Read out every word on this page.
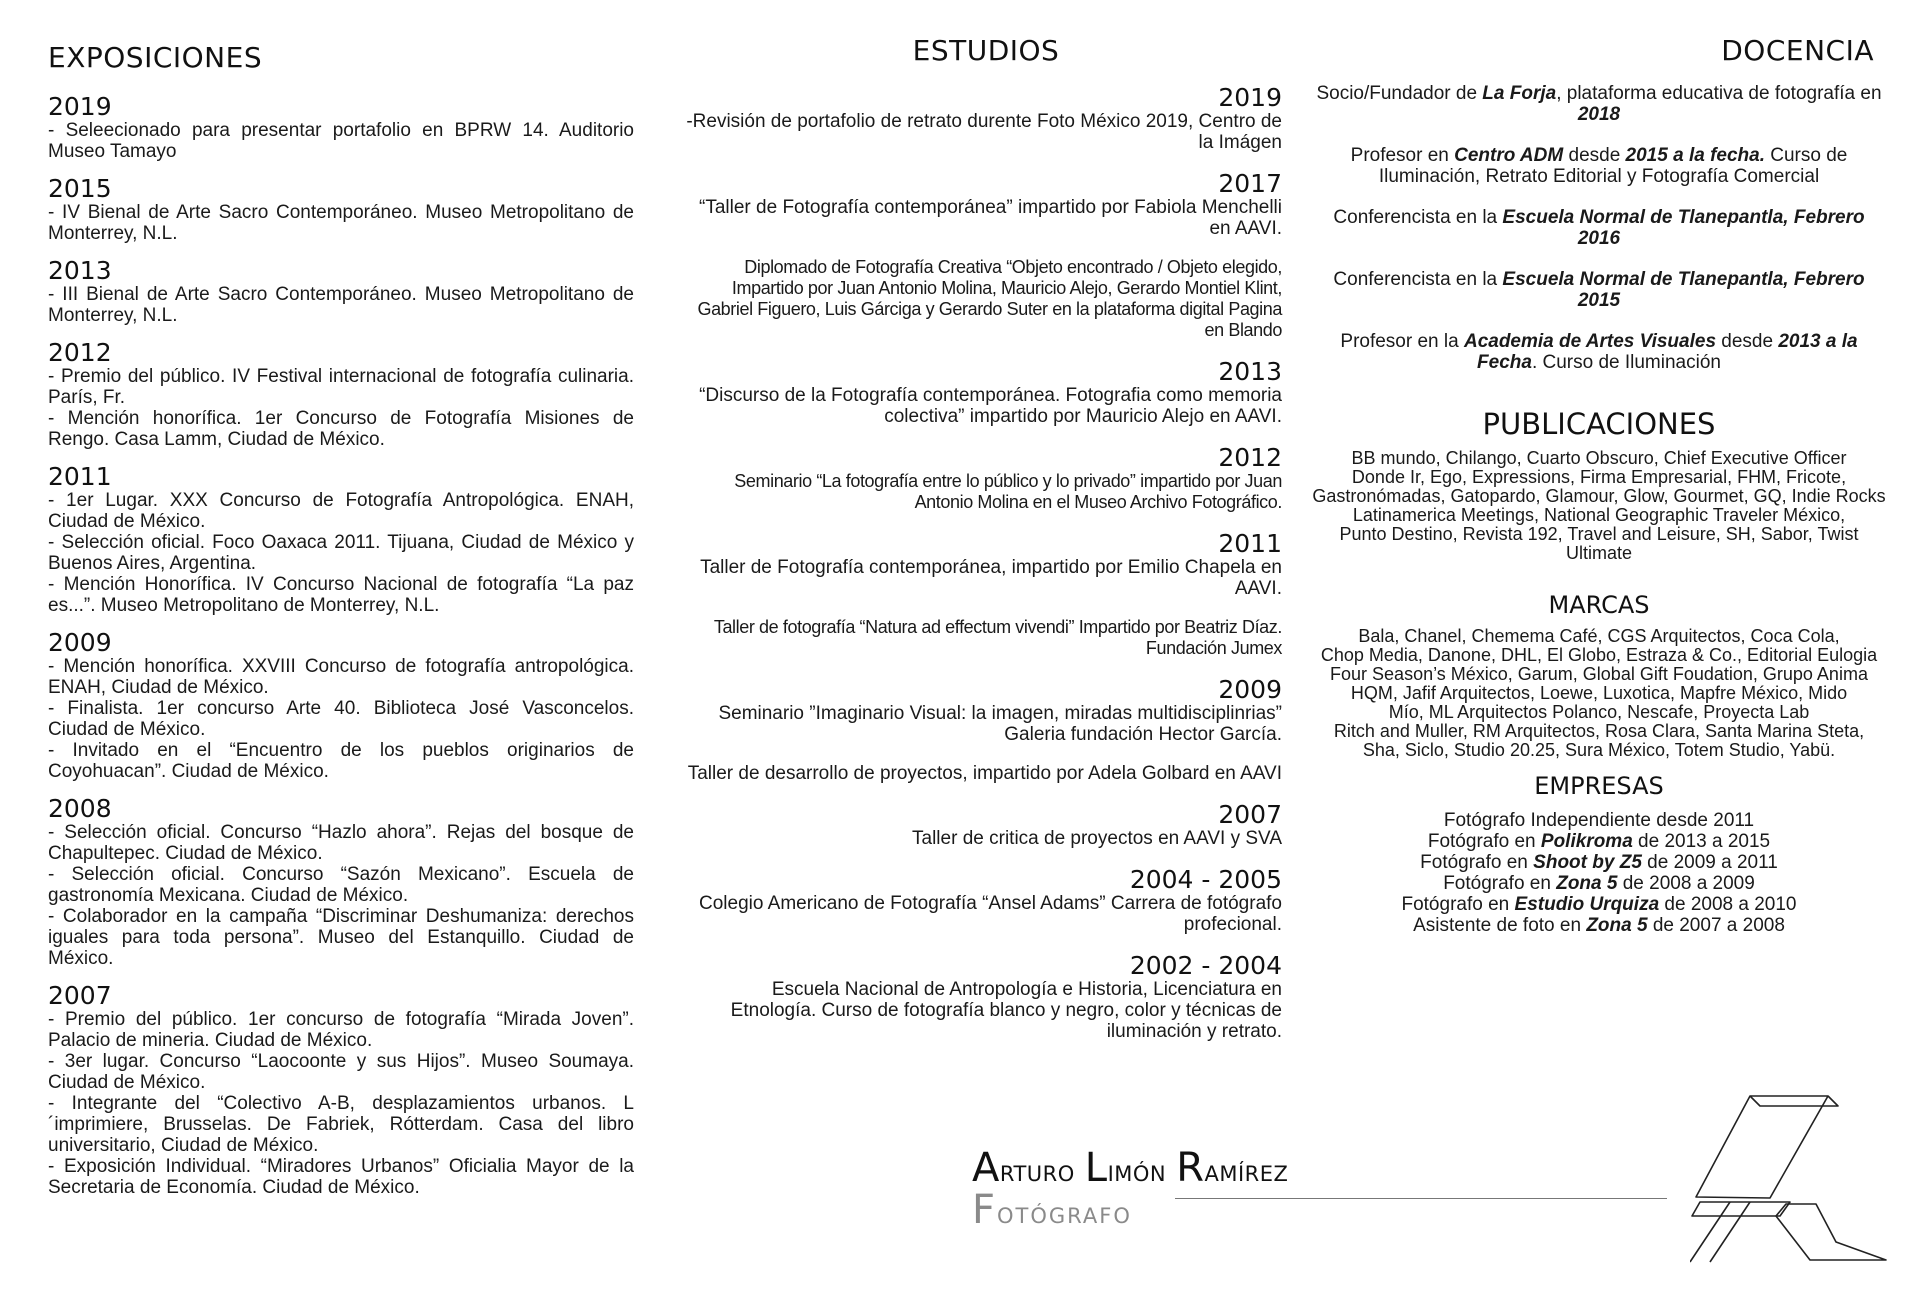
EXPOSICIONES
2019
- Seleecionado para presentar portafolio en BPRW 14. Auditorio Museo Tamayo
2015
- IV Bienal de Arte Sacro Contemporáneo. Museo Metropolitano de Monterrey, N.L.
2013
- III Bienal de Arte Sacro Contemporáneo. Museo Metropolitano de Monterrey, N.L.
2012
- Premio del público. IV Festival internacional de fotografía culinaria. París, Fr.
- Mención honorífica. 1er Concurso de Fotografía Misiones de Rengo. Casa Lamm, Ciudad de México.
2011
- 1er Lugar. XXX Concurso de Fotografía Antropológica. ENAH, Ciudad de México.
- Selección oficial. Foco Oaxaca 2011. Tijuana, Ciudad de México y Buenos Aires, Argentina.
- Mención Honorífica. IV Concurso Nacional de fotografía “La paz es...”. Museo Metropolitano de Monterrey, N.L.
2009
- Mención honorífica. XXVIII Concurso de fotografía antropológica. ENAH, Ciudad de México.
- Finalista. 1er concurso Arte 40. Biblioteca José Vasconcelos. Ciudad de México.
- Invitado en el “Encuentro de los pueblos originarios de Coyohuacan”. Ciudad de México.
2008
- Selección oficial. Concurso “Hazlo ahora”. Rejas del bosque de Chapultepec. Ciudad de México.
- Selección oficial. Concurso “Sazón Mexicano”. Escuela de gastronomía Mexicana. Ciudad de México.
- Colaborador en la campaña “Discriminar Deshumaniza: derechos iguales para toda persona”. Museo del Estanquillo. Ciudad de México.
2007
- Premio del público. 1er concurso de fotografía “Mirada Joven”. Palacio de mineria. Ciudad de México.
- 3er lugar. Concurso “Laocoonte y sus Hijos”. Museo Soumaya. Ciudad de México.
- Integrante del “Colectivo A-B, desplazamientos urbanos. L´imprimiere, Brusselas. De Fabriek, Rótterdam. Casa del libro universitario, Ciudad de México.
- Exposición Individual. “Miradores Urbanos” Oficialia Mayor de la Secretaria de Economía. Ciudad de México.
ESTUDIOS
2019
-Revisión de portafolio de retrato durente Foto México 2019, Centro de la Imágen
2017
“Taller de Fotografía contemporánea” impartido por Fabiola Menchelli en AAVI.
Diplomado de Fotografía Creativa “Objeto encontrado / Objeto elegido, Impartido por Juan Antonio Molina, Mauricio Alejo, Gerardo Montiel Klint, Gabriel Figuero, Luis Gárciga y Gerardo Suter en la plataforma digital Pagina en Blando
2013
“Discurso de la Fotografía contemporánea. Fotografia como memoria colectiva” impartido por Mauricio Alejo en AAVI.
2012
Seminario “La fotografía entre lo público y lo privado” impartido por Juan Antonio Molina en el Museo Archivo Fotográfico.
2011
Taller de Fotografía contemporánea, impartido por Emilio Chapela en AAVI.
Taller de fotografía “Natura ad effectum vivendi” Impartido por Beatriz Díaz. Fundación Jumex
2009
Seminario ”Imaginario Visual: la imagen, miradas multidisciplinrias” Galeria fundación Hector García.
Taller de desarrollo de proyectos, impartido por Adela Golbard en AAVI
2007
Taller de critica de proyectos en AAVI y SVA
2004 - 2005
Colegio Americano de Fotografía “Ansel Adams” Carrera de fotógrafo profecional.
2002 - 2004
Escuela Nacional de Antropología e Historia, Licenciatura en Etnología. Curso de fotografía blanco y negro, color y técnicas de iluminación y retrato.
DOCENCIA
Socio/Fundador de La Forja, plataforma educativa de fotografía en 2018
Profesor en Centro ADM desde 2015 a la fecha. Curso de Iluminación, Retrato Editorial y Fotografía Comercial
Conferencista en la Escuela Normal de Tlanepantla, Febrero 2016
Conferencista en la Escuela Normal de Tlanepantla, Febrero 2015
Profesor en la Academia de Artes Visuales desde 2013 a la Fecha. Curso de Iluminación
PUBLICACIONES
BB mundo, Chilango, Cuarto Obscuro, Chief Executive Officer
Donde Ir, Ego, Expressions, Firma Empresarial, FHM, Fricote,
Gastronómadas, Gatopardo, Glamour, Glow, Gourmet, GQ, Indie Rocks
Latinamerica Meetings, National Geographic Traveler México,
Punto Destino, Revista 192, Travel and Leisure, SH, Sabor, Twist
Ultimate
MARCAS
Bala, Chanel, Chemema Café, CGS Arquitectos, Coca Cola,
Chop Media, Danone, DHL, El Globo, Estraza & Co., Editorial Eulogia
Four Season’s México, Garum, Global Gift Foudation, Grupo Anima
HQM, Jafif Arquitectos, Loewe, Luxotica, Mapfre México, Mido
Mío, ML Arquitectos Polanco, Nescafe, Proyecta Lab
Ritch and Muller, RM Arquitectos, Rosa Clara, Santa Marina Steta,
Sha, Siclo, Studio 20.25, Sura México, Totem Studio, Yabü.
EMPRESAS
Fotógrafo Independiente desde 2011
Fotógrafo en Polikroma de 2013 a 2015
Fotógrafo en Shoot by Z5 de 2009 a 2011
Fotógrafo en Zona 5 de 2008 a 2009
Fotógrafo en Estudio Urquiza de 2008 a 2010
Asistente de foto en Zona 5 de 2007 a 2008
Arturo Limón Ramírez
Fotógrafo
